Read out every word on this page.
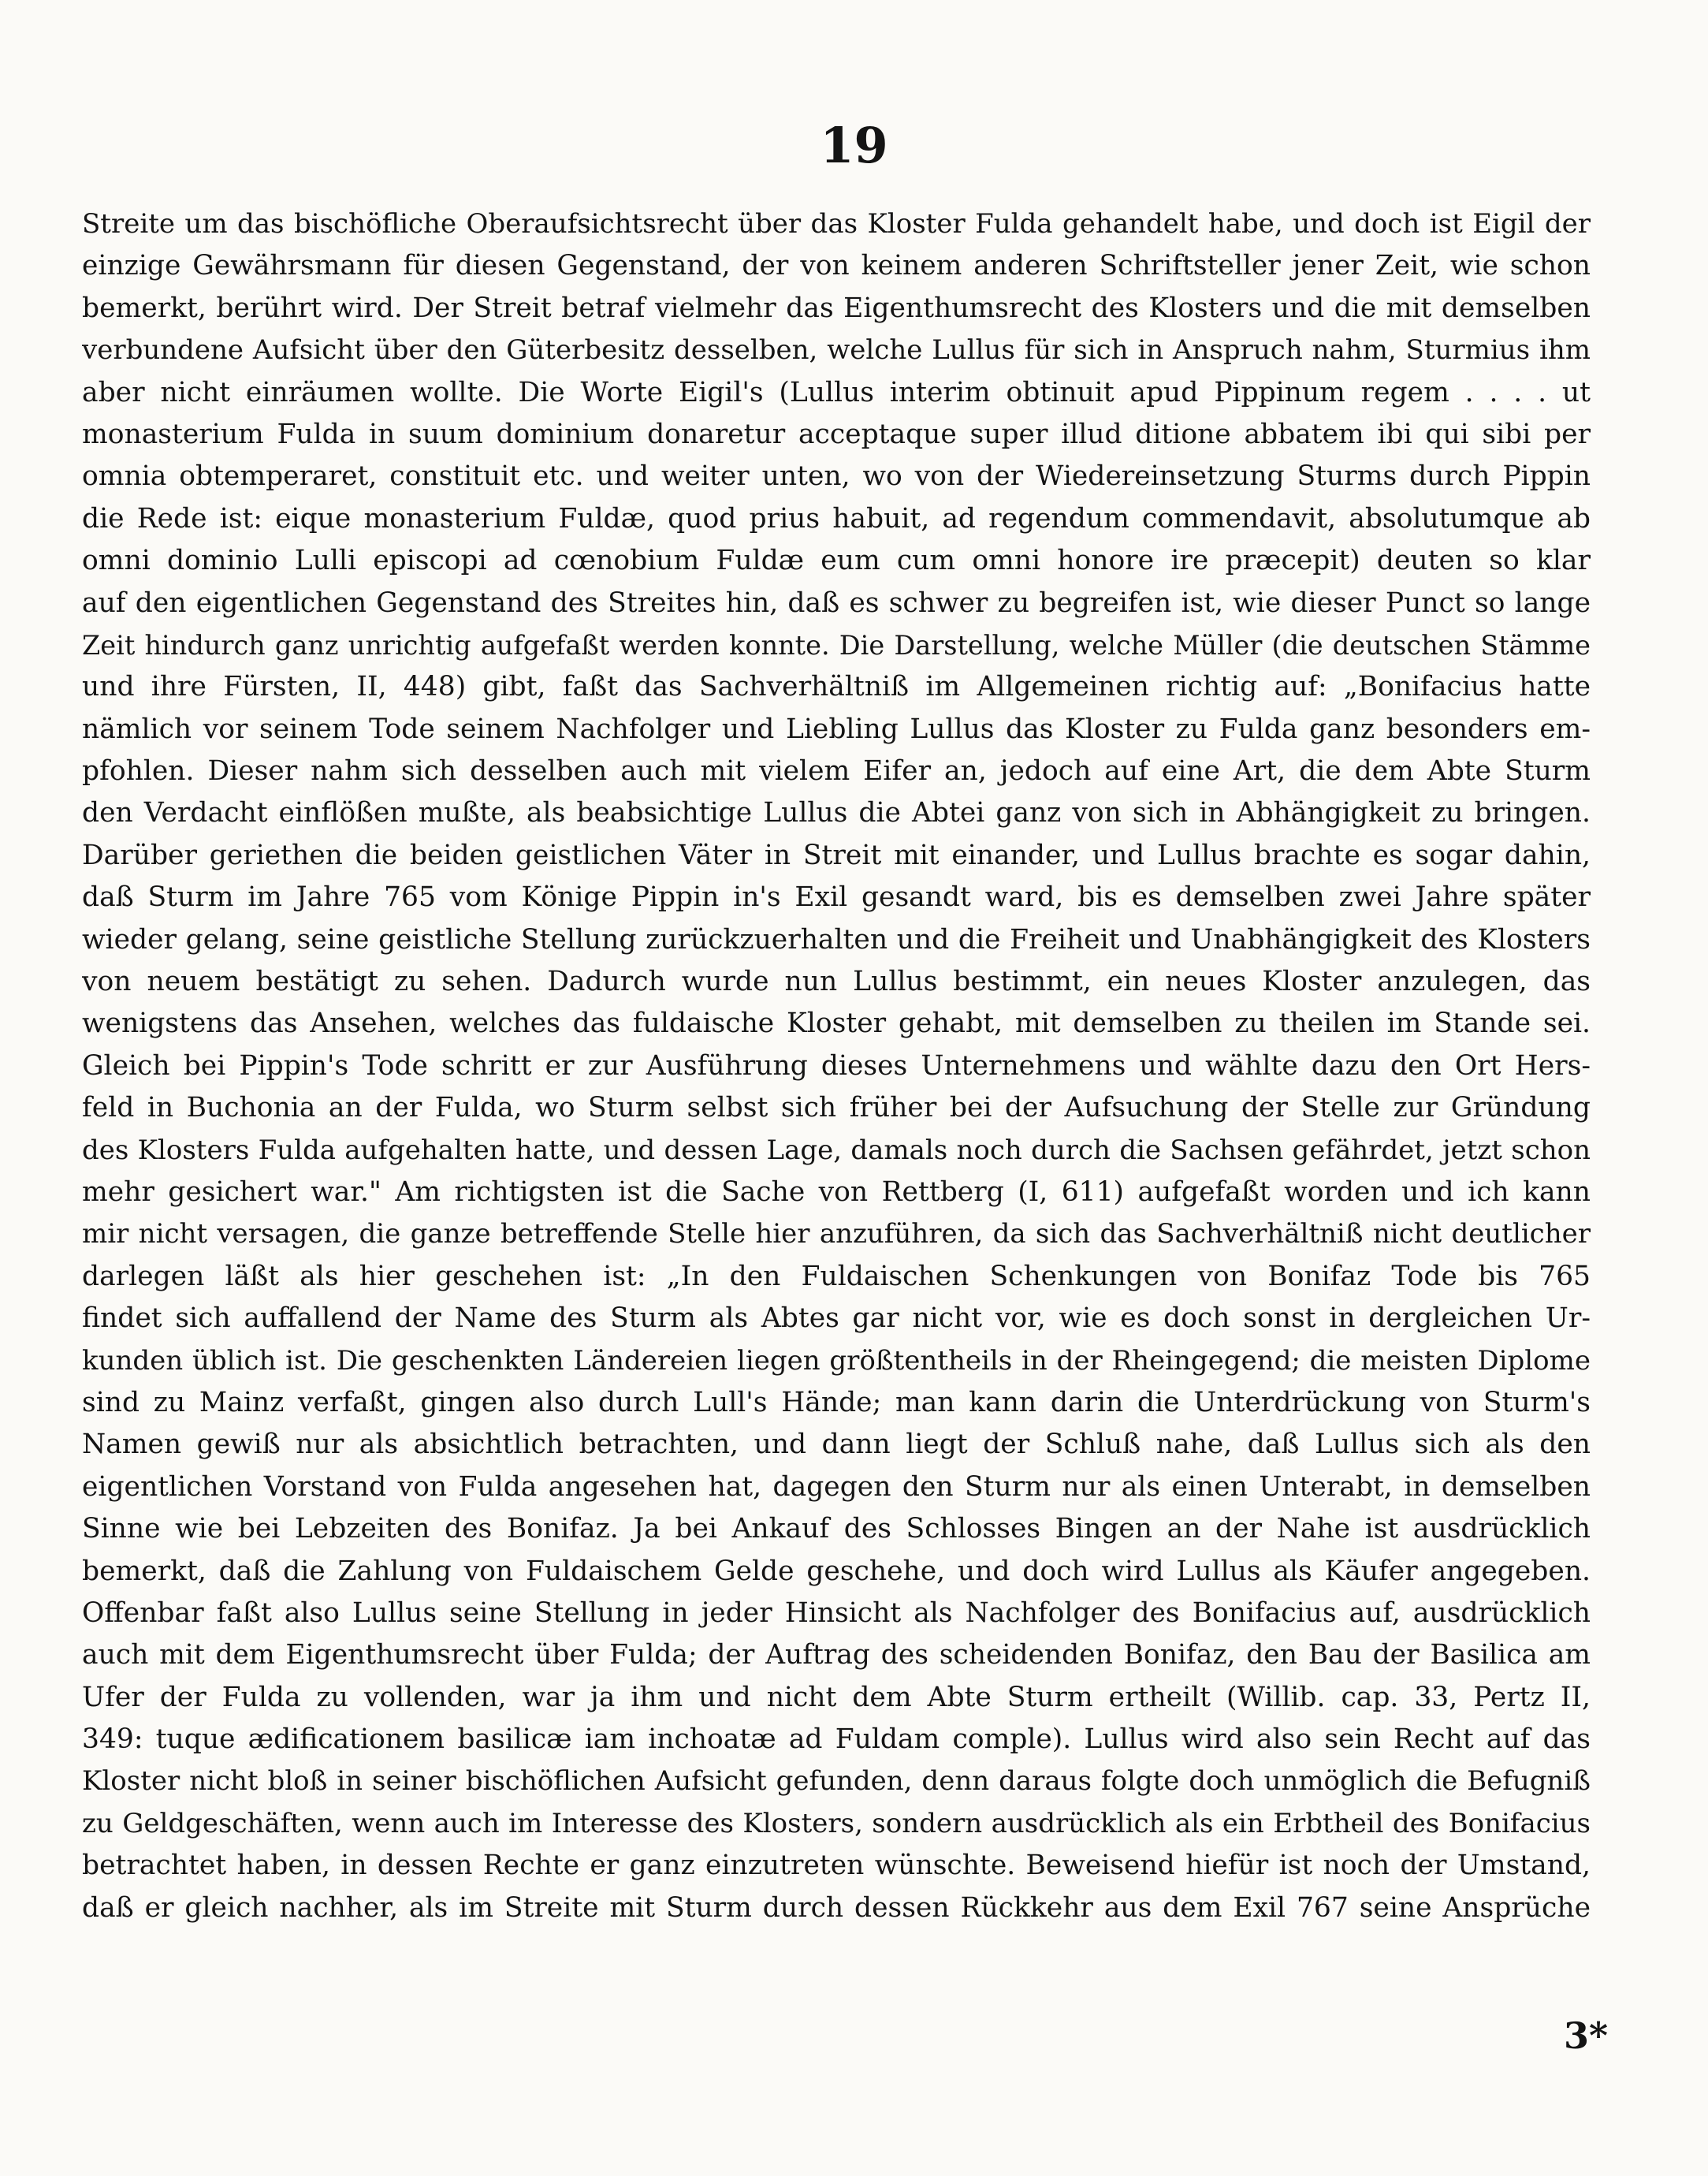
19
Streite um das bischöfliche Oberaufsichtsrecht über das Kloster Fulda gehandelt habe, und doch ist Eigil der
einzige Gewährsmann für diesen Gegenstand, der von keinem anderen Schriftsteller jener Zeit, wie schon
bemerkt, berührt wird. Der Streit betraf vielmehr das Eigenthumsrecht des Klosters und die mit demselben
verbundene Aufsicht über den Güterbesitz desselben, welche Lullus für sich in Anspruch nahm, Sturmius ihm
aber nicht einräumen wollte. Die Worte Eigil's (Lullus interim obtinuit apud Pippinum regem . . . . ut
monasterium Fulda in suum dominium donaretur acceptaque super illud ditione abbatem ibi qui sibi per
omnia obtemperaret, constituit etc. und weiter unten, wo von der Wiedereinsetzung Sturms durch Pippin
die Rede ist: eique monasterium Fuldæ, quod prius habuit, ad regendum commendavit, absolutumque ab
omni dominio Lulli episcopi ad cœnobium Fuldæ eum cum omni honore ire præcepit) deuten so klar
auf den eigentlichen Gegenstand des Streites hin, daß es schwer zu begreifen ist, wie dieser Punct so lange
Zeit hindurch ganz unrichtig aufgefaßt werden konnte. Die Darstellung, welche Müller (die deutschen Stämme
und ihre Fürsten, II, 448) gibt, faßt das Sachverhältniß im Allgemeinen richtig auf: „Bonifacius hatte
nämlich vor seinem Tode seinem Nachfolger und Liebling Lullus das Kloster zu Fulda ganz besonders em-
pfohlen. Dieser nahm sich desselben auch mit vielem Eifer an, jedoch auf eine Art, die dem Abte Sturm
den Verdacht einflößen mußte, als beabsichtige Lullus die Abtei ganz von sich in Abhängigkeit zu bringen.
Darüber geriethen die beiden geistlichen Väter in Streit mit einander, und Lullus brachte es sogar dahin,
daß Sturm im Jahre 765 vom Könige Pippin in's Exil gesandt ward, bis es demselben zwei Jahre später
wieder gelang, seine geistliche Stellung zurückzuerhalten und die Freiheit und Unabhängigkeit des Klosters
von neuem bestätigt zu sehen. Dadurch wurde nun Lullus bestimmt, ein neues Kloster anzulegen, das
wenigstens das Ansehen, welches das fuldaische Kloster gehabt, mit demselben zu theilen im Stande sei.
Gleich bei Pippin's Tode schritt er zur Ausführung dieses Unternehmens und wählte dazu den Ort Hers-
feld in Buchonia an der Fulda, wo Sturm selbst sich früher bei der Aufsuchung der Stelle zur Gründung
des Klosters Fulda aufgehalten hatte, und dessen Lage, damals noch durch die Sachsen gefährdet, jetzt schon
mehr gesichert war." Am richtigsten ist die Sache von Rettberg (I, 611) aufgefaßt worden und ich kann
mir nicht versagen, die ganze betreffende Stelle hier anzuführen, da sich das Sachverhältniß nicht deutlicher
darlegen läßt als hier geschehen ist: „In den Fuldaischen Schenkungen von Bonifaz Tode bis 765
findet sich auffallend der Name des Sturm als Abtes gar nicht vor, wie es doch sonst in dergleichen Ur-
kunden üblich ist. Die geschenkten Ländereien liegen größtentheils in der Rheingegend; die meisten Diplome
sind zu Mainz verfaßt, gingen also durch Lull's Hände; man kann darin die Unterdrückung von Sturm's
Namen gewiß nur als absichtlich betrachten, und dann liegt der Schluß nahe, daß Lullus sich als den
eigentlichen Vorstand von Fulda angesehen hat, dagegen den Sturm nur als einen Unterabt, in demselben
Sinne wie bei Lebzeiten des Bonifaz. Ja bei Ankauf des Schlosses Bingen an der Nahe ist ausdrücklich
bemerkt, daß die Zahlung von Fuldaischem Gelde geschehe, und doch wird Lullus als Käufer angegeben.
Offenbar faßt also Lullus seine Stellung in jeder Hinsicht als Nachfolger des Bonifacius auf, ausdrücklich
auch mit dem Eigenthumsrecht über Fulda; der Auftrag des scheidenden Bonifaz, den Bau der Basilica am
Ufer der Fulda zu vollenden, war ja ihm und nicht dem Abte Sturm ertheilt (Willib. cap. 33, Pertz II,
349: tuque ædificationem basilicæ iam inchoatæ ad Fuldam comple). Lullus wird also sein Recht auf das
Kloster nicht bloß in seiner bischöflichen Aufsicht gefunden, denn daraus folgte doch unmöglich die Befugniß
zu Geldgeschäften, wenn auch im Interesse des Klosters, sondern ausdrücklich als ein Erbtheil des Bonifacius
betrachtet haben, in dessen Rechte er ganz einzutreten wünschte. Beweisend hiefür ist noch der Umstand,
daß er gleich nachher, als im Streite mit Sturm durch dessen Rückkehr aus dem Exil 767 seine Ansprüche
3*
